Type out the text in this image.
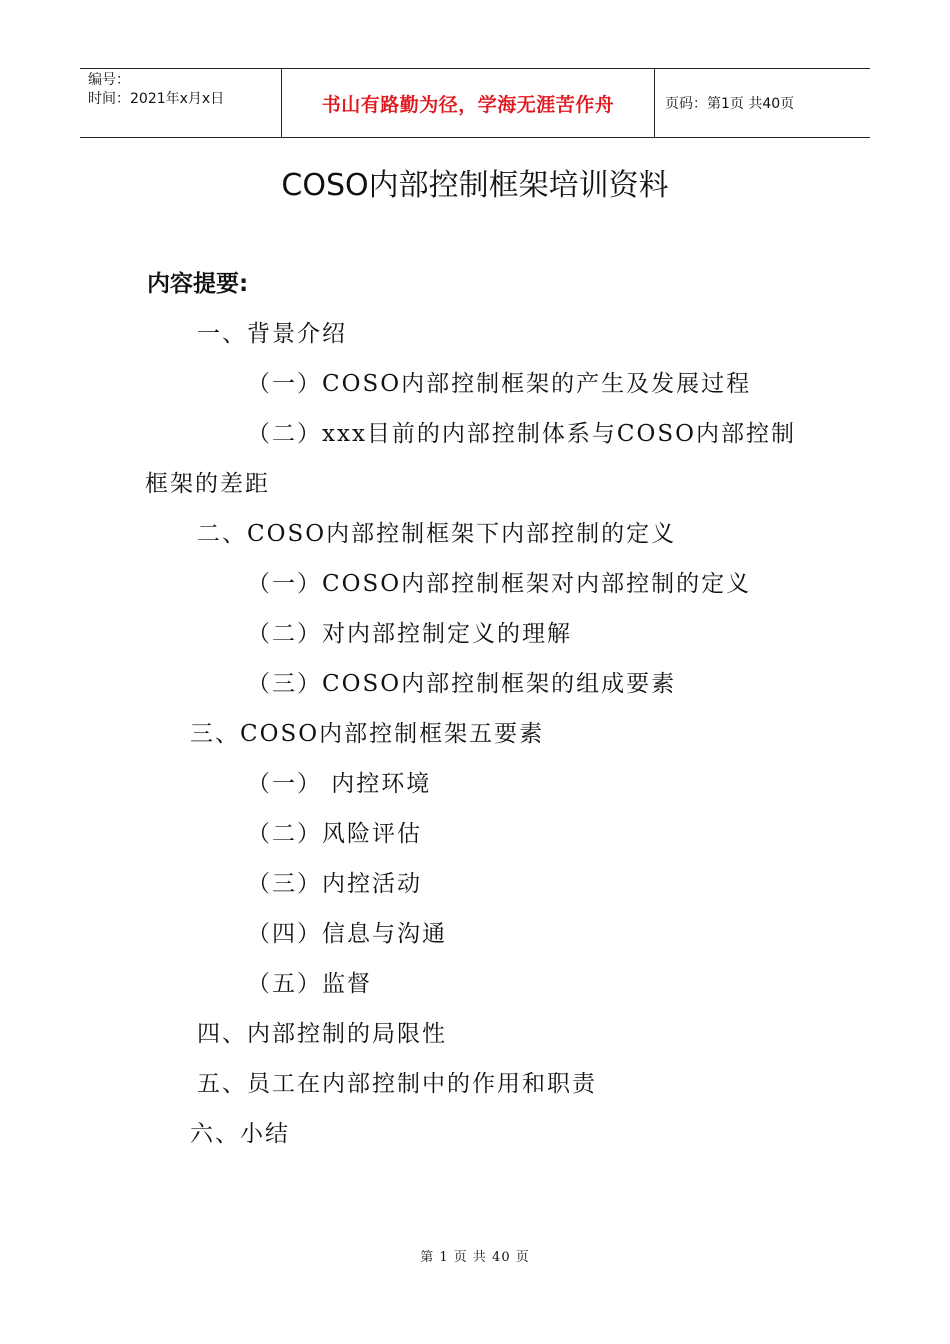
编号：
时间：2021年x月x日	书山有路勤为径，学海无涯苦作舟	页码：第1页 共40页
COSO内部控制框架培训资料
内容提要:
一、背景介绍
（一）COSO内部控制框架的产生及发展过程
（二）xxx目前的内部控制体系与COSO内部控制
框架的差距
二、COSO内部控制框架下内部控制的定义
（一）COSO内部控制框架对内部控制的定义
（二）对内部控制定义的理解
（三）COSO内部控制框架的组成要素
三、COSO内部控制框架五要素
（一） 内控环境
（二）风险评估
（三）内控活动
（四）信息与沟通
（五）监督
四、内部控制的局限性
五、员工在内部控制中的作用和职责
六、小结
第 1 页 共 40 页
